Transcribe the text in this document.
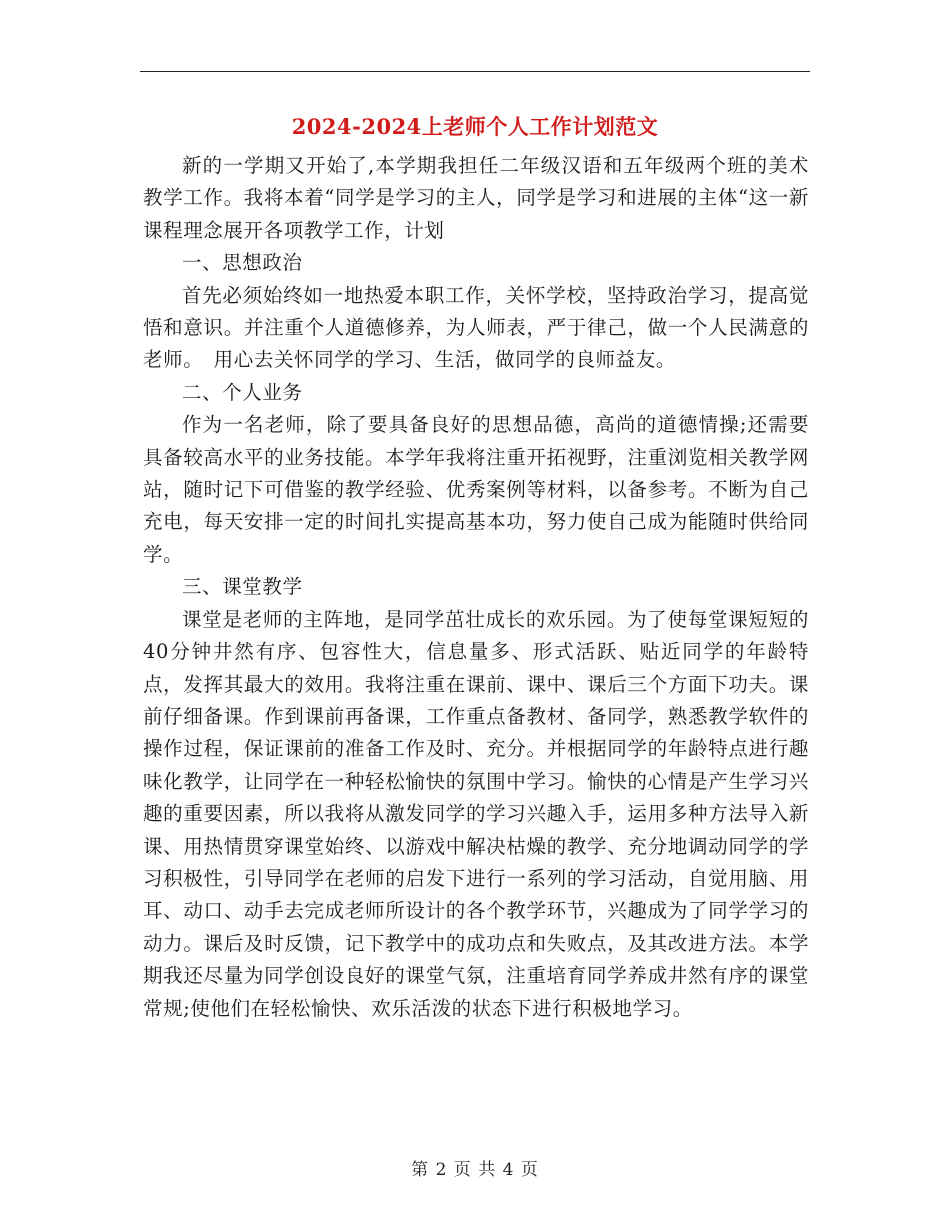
2024-2024上老师个人工作计划范文

新的一学期又开始了,本学期我担任二年级汉语和五年级两个班的美术教学工作。我将本着“同学是学习的主人，同学是学习和进展的主体“这一新课程理念展开各项教学工作，计划

一、思想政治

首先必须始终如一地热爱本职工作，关怀学校，坚持政治学习，提高觉悟和意识。并注重个人道德修养，为人师表，严于律己，做一个人民满意的老师。　用心去关怀同学的学习、生活，做同学的良师益友。

二、个人业务

作为一名老师，除了要具备良好的思想品德，高尚的道德情操;还需要具备较高水平的业务技能。本学年我将注重开拓视野，注重浏览相关教学网站，随时记下可借鉴的教学经验、优秀案例等材料，以备参考。不断为自己充电，每天安排一定的时间扎实提高基本功，努力使自己成为能随时供给同学。

三、课堂教学

课堂是老师的主阵地，是同学茁壮成长的欢乐园。为了使每堂课短短的40分钟井然有序、包容性大，信息量多、形式活跃、贴近同学的年龄特点，发挥其最大的效用。我将注重在课前、课中、课后三个方面下功夫。课前仔细备课。作到课前再备课，工作重点备教材、备同学，熟悉教学软件的操作过程，保证课前的准备工作及时、充分。并根据同学的年龄特点进行趣味化教学，让同学在一种轻松愉快的氛围中学习。愉快的心情是产生学习兴趣的重要因素，所以我将从激发同学的学习兴趣入手，运用多种方法导入新课、用热情贯穿课堂始终、以游戏中解决枯燥的教学、充分地调动同学的学习积极性，引导同学在老师的启发下进行一系列的学习活动，自觉用脑、用耳、动口、动手去完成老师所设计的各个教学环节，兴趣成为了同学学习的动力。课后及时反馈，记下教学中的成功点和失败点，及其改进方法。本学期我还尽量为同学创设良好的课堂气氛，注重培育同学养成井然有序的课堂常规;使他们在轻松愉快、欢乐活泼的状态下进行积极地学习。

第 2 页 共 4 页
